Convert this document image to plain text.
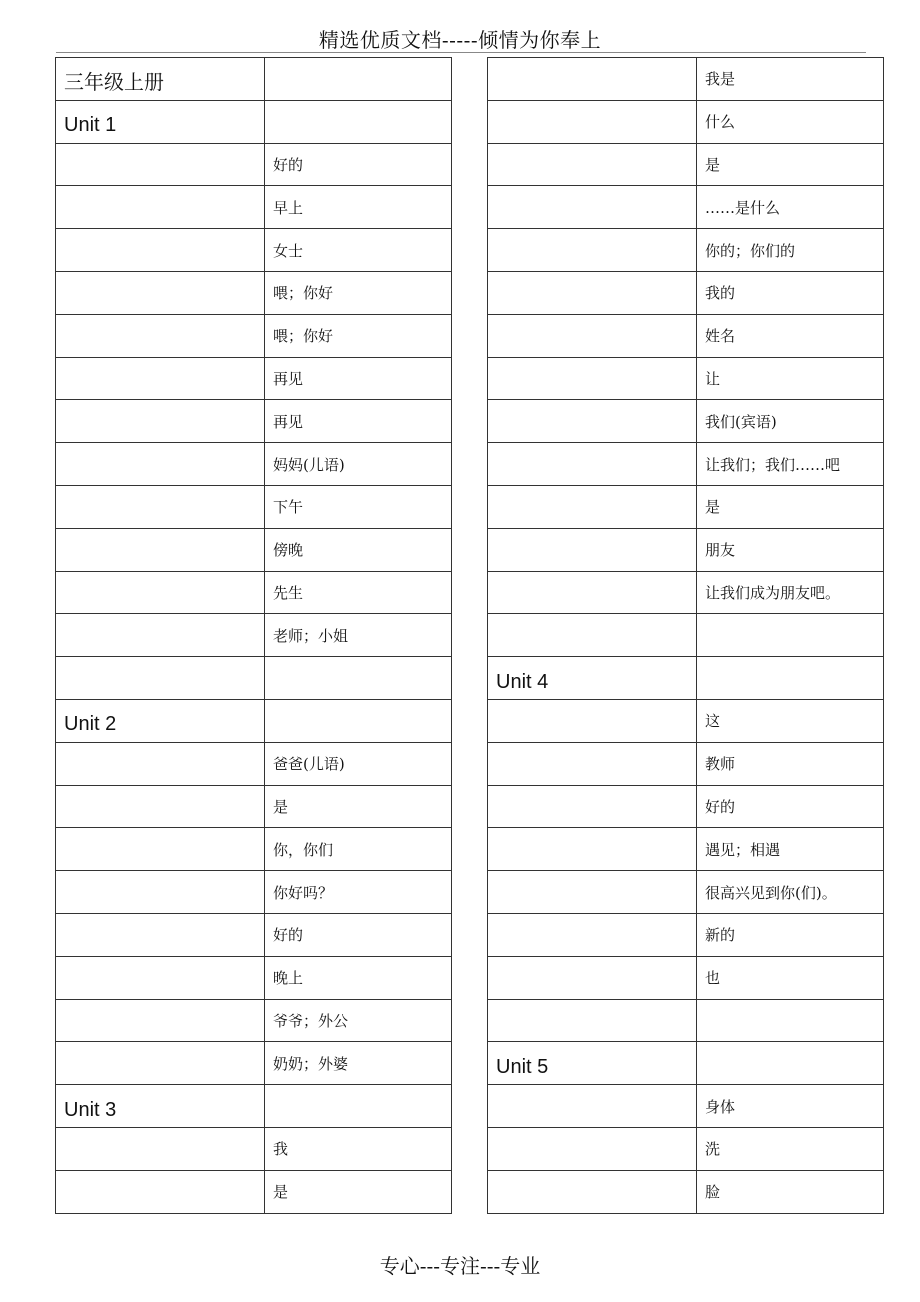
精选优质文档-----倾情为你奉上
三年级上册	
Unit 1	
	好的
	早上
	女士
	喂；你好
	喂；你好
	再见
	再见
	妈妈(儿语)
	下午
	傍晚
	先生
	老师；小姐

Unit 2	
	爸爸(儿语)
	是
	你，你们
	你好吗？
	好的
	晚上
	爷爷；外公
	奶奶；外婆
Unit 3	
	我
	是
	我是
	什么
	是
	……是什么
	你的；你们的
	我的
	姓名
	让
	我们(宾语)
	让我们；我们……吧
	是
	朋友
	让我们成为朋友吧。

Unit 4	
	这
	教师
	好的
	遇见；相遇
	很高兴见到你(们)。
	新的
	也

Unit 5	
	身体
	洗
	脸
专心---专注---专业
